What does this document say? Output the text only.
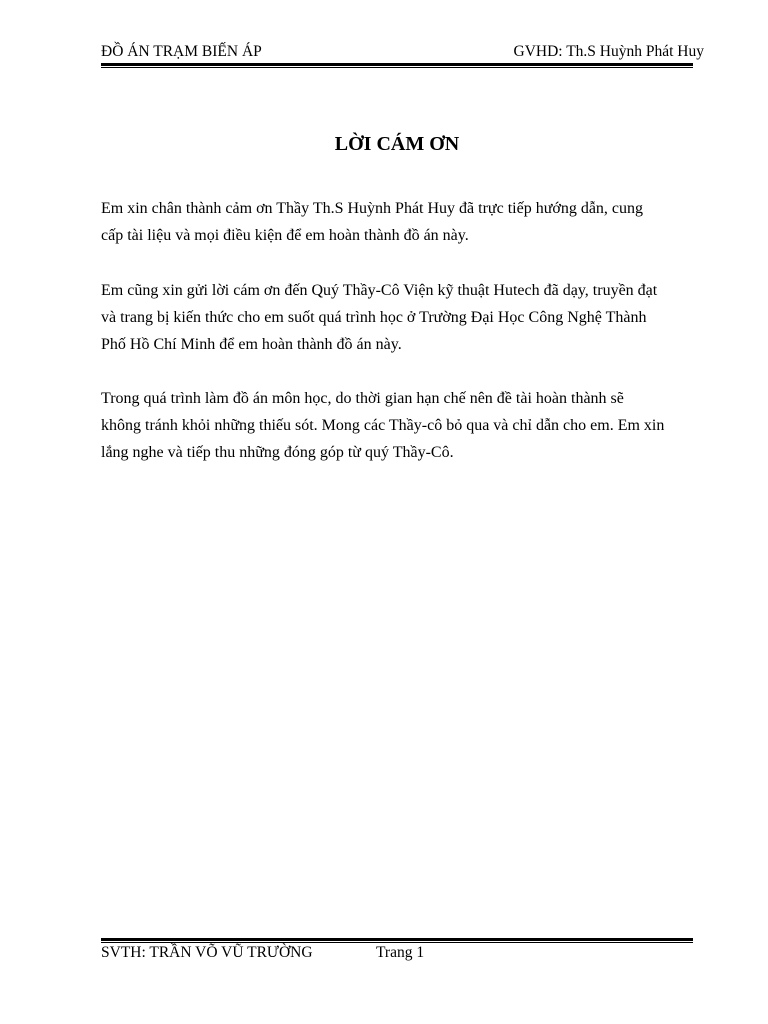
ĐỒ ÁN TRẠM BIẾN ÁP	GVHD: Th.S Huỳnh Phát Huy
LỜI CÁM ƠN

Em xin chân thành cảm ơn Thầy Th.S Huỳnh Phát Huy đã trực tiếp hướng dẫn, cung
cấp tài liệu và mọi điều kiện để em hoàn thành đồ án này.

Em cũng xin gửi lời cám ơn đến Quý Thầy-Cô Viện kỹ thuật Hutech đã dạy, truyền đạt
và trang bị kiến thức cho em suốt quá trình học ở Trường Đại Học Công Nghệ Thành
Phố Hồ Chí Minh để em hoàn thành đồ án này.

Trong quá trình làm đồ án môn học, do thời gian hạn chế nên đề tài hoàn thành sẽ
không tránh khỏi những thiếu sót. Mong các Thầy-cô bỏ qua và chỉ dẫn cho em. Em xin
lắng nghe và tiếp thu những đóng góp từ quý Thầy-Cô.

SVTH: TRẦN VÕ VŨ TRƯỜNG	Trang 1
